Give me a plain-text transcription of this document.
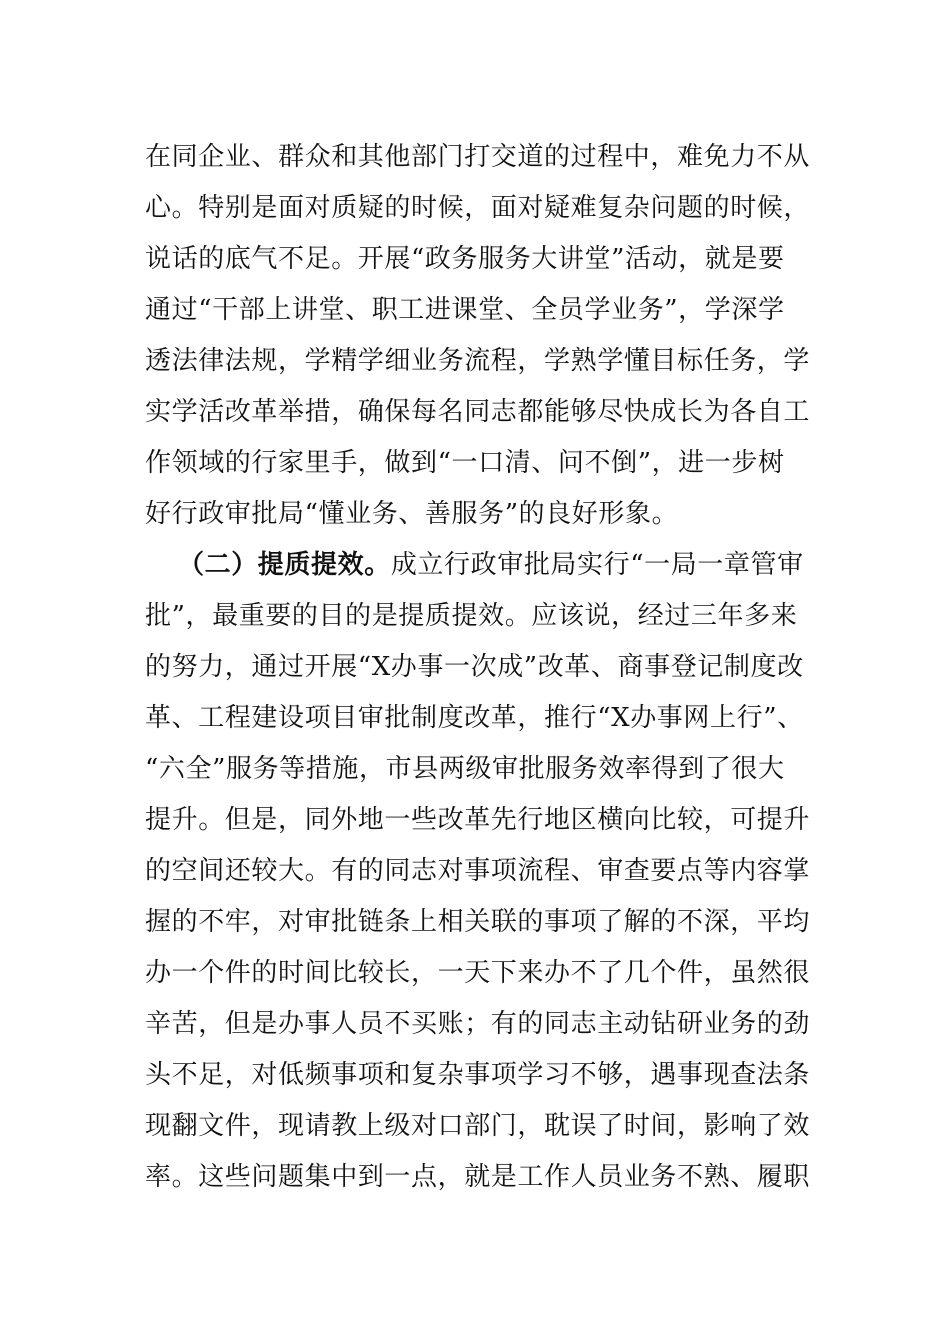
在同企业、群众和其他部门打交道的过程中，难免力不从
心。特别是面对质疑的时候，面对疑难复杂问题的时候，
说话的底气不足。开展“政务服务大讲堂”活动，就是要
通过“干部上讲堂、职工进课堂、全员学业务”，学深学
透法律法规，学精学细业务流程，学熟学懂目标任务，学
实学活改革举措，确保每名同志都能够尽快成长为各自工
作领域的行家里手，做到“一口清、问不倒”，进一步树
好行政审批局“懂业务、善服务”的良好形象。
（二）提质提效。成立行政审批局实行“一局一章管审
批”，最重要的目的是提质提效。应该说，经过三年多来
的努力，通过开展“X办事一次成”改革、商事登记制度改
革、工程建设项目审批制度改革，推行“X办事网上行”、
“六全”服务等措施，市县两级审批服务效率得到了很大
提升。但是，同外地一些改革先行地区横向比较，可提升
的空间还较大。有的同志对事项流程、审查要点等内容掌
握的不牢，对审批链条上相关联的事项了解的不深，平均
办一个件的时间比较长，一天下来办不了几个件，虽然很
辛苦，但是办事人员不买账；有的同志主动钻研业务的劲
头不足，对低频事项和复杂事项学习不够，遇事现查法条
现翻文件，现请教上级对口部门，耽误了时间，影响了效
率。这些问题集中到一点，就是工作人员业务不熟、履职
